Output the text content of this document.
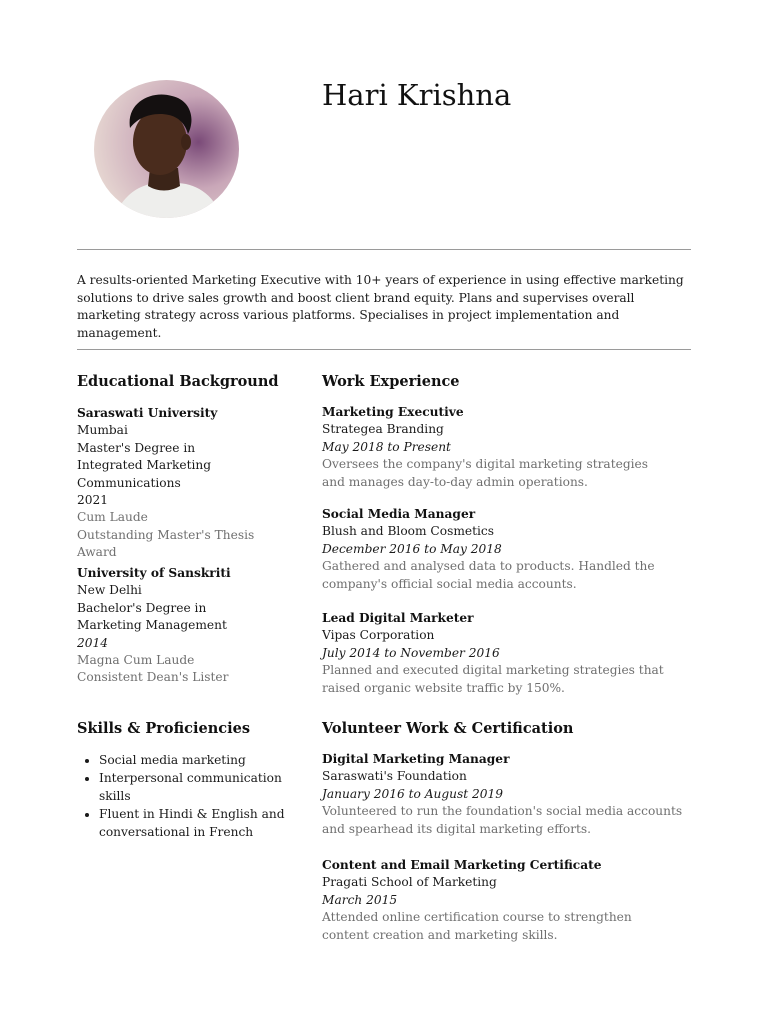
Hari Krishna

A results-oriented Marketing Executive with 10+ years of experience in using effective marketing solutions to drive sales growth and boost client brand equity. Plans and supervises overall marketing strategy across various platforms. Specialises in project implementation and management.

Educational Background
Saraswati University
Mumbai
Master's Degree in Integrated Marketing Communications
2021
Cum Laude
Outstanding Master's Thesis Award
University of Sanskriti
New Delhi
Bachelor's Degree in Marketing Management
2014
Magna Cum Laude
Consistent Dean's Lister
Skills & Proficiencies
• Social media marketing
• Interpersonal communication skills
• Fluent in Hindi & English and conversational in French
Work Experience
Marketing Executive
Strategea Branding
May 2018 to Present
Oversees the company's digital marketing strategies and manages day-to-day admin operations.
Social Media Manager
Blush and Bloom Cosmetics
December 2016 to May 2018
Gathered and analysed data to products. Handled the company's official social media accounts.
Lead Digital Marketer
Vipas Corporation
July 2014 to November 2016
Planned and executed digital marketing strategies that raised organic website traffic by 150%.
Volunteer Work & Certification
Digital Marketing Manager
Saraswati's Foundation
January 2016 to August 2019
Volunteered to run the foundation's social media accounts and spearhead its digital marketing efforts.
Content and Email Marketing Certificate
Pragati School of Marketing
March 2015
Attended online certification course to strengthen content creation and marketing skills.
